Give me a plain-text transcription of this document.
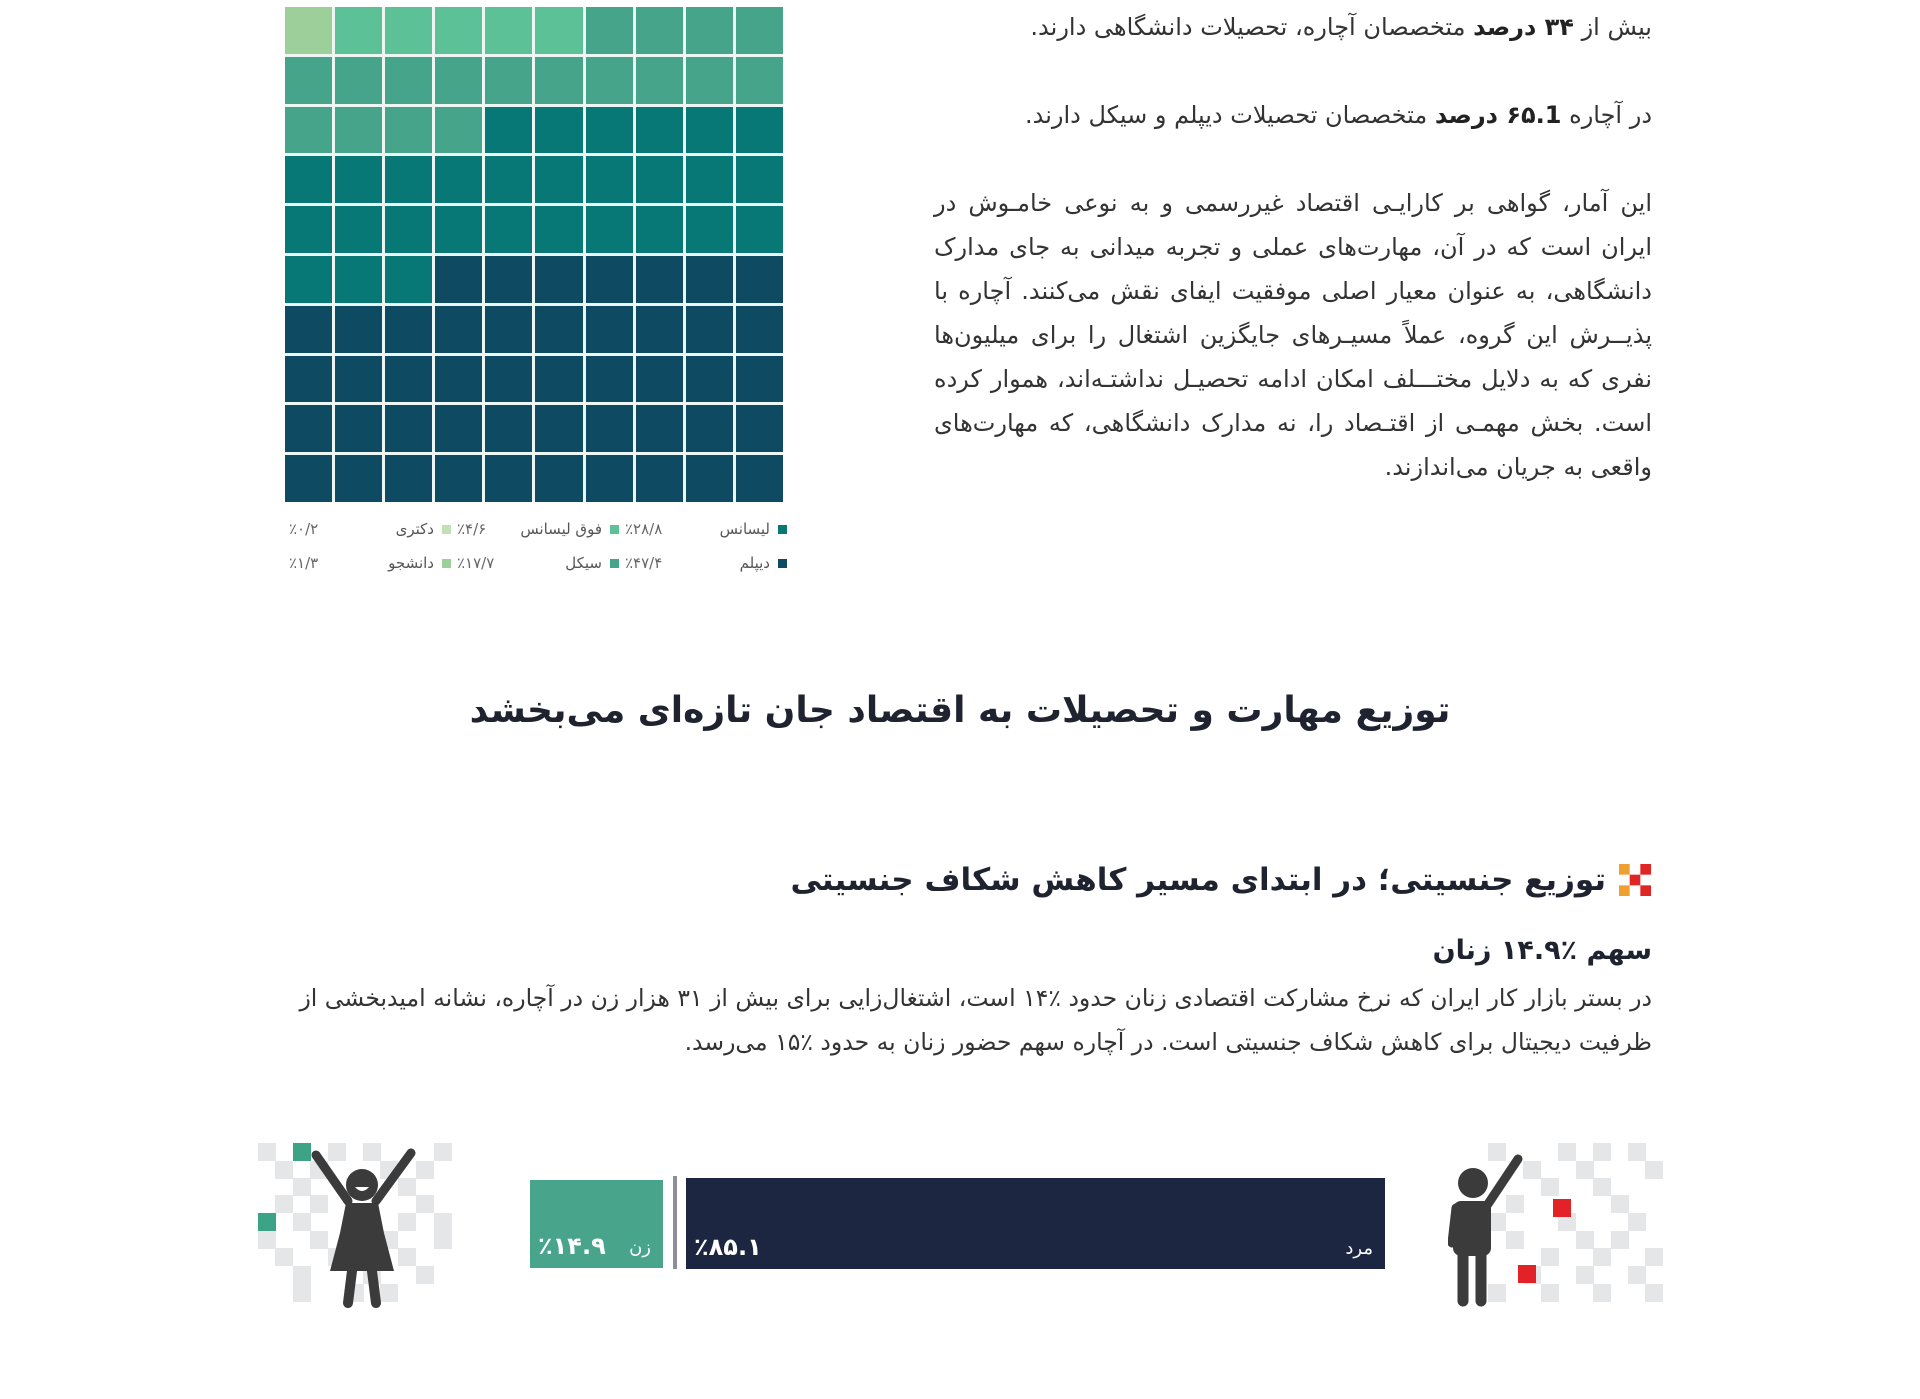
لیسانس
٪۲۸/۸
فوق لیسانس
٪۴/۶
دکتری
٪۰/۲
دیپلم
٪۴۷/۴
سیکل
٪۱۷/۷
دانشجو
٪۱/۳
بیش از ۳۴ درصد متخصصان آچاره، تحصیلات دانشگاهی دارند.
در آچاره ۶۵.1 درصد متخصصان تحصیلات دیپلم و سیکل دارند.
این آمار، گواهی بر کارایـی اقتصاد غیررسمی و به نوعی خامـوش در ایران است که در آن، مهارت‌های عملی و تجربه میدانی به جای مدارک دانشگاهی، به عنوان معیار اصلی موفقیت ایفای نقش می‌کنند. آچاره با پذیــرش این گروه، عملاً مسیـرهای جایگزین اشتغال را برای میلیون‌ها نفری که به دلایل مختـــلف امکان ادامه تحصیـل نداشتـه‌اند، هموار کرده است. بخش مهمـی از اقتـصاد را، نه مدارک دانشگاهی، که مهارت‌های واقعی به جریان می‌اندازند.
توزیع مهارت و تحصیلات به اقتصاد جان تازه‌ای می‌بخشد
توزیع جنسیتی؛ در ابتدای مسیر کاهش شکاف جنسیتی
سهم ٪۱۴.۹ زنان
در بستر بازار کار ایران که نرخ مشارکت اقتصادی زنان حدود ٪۱۴ است، اشتغال‌زایی برای بیش از ۳۱ هزار زن در آچاره، نشانه امیدبخشی از ظرفیت دیجیتال برای کاهش شکاف جنسیتی است. در آچاره سهم حضور زنان به حدود ٪۱۵ می‌رسد.
٪۱۴.۹ زن ٪۸۵.۱	مرد
